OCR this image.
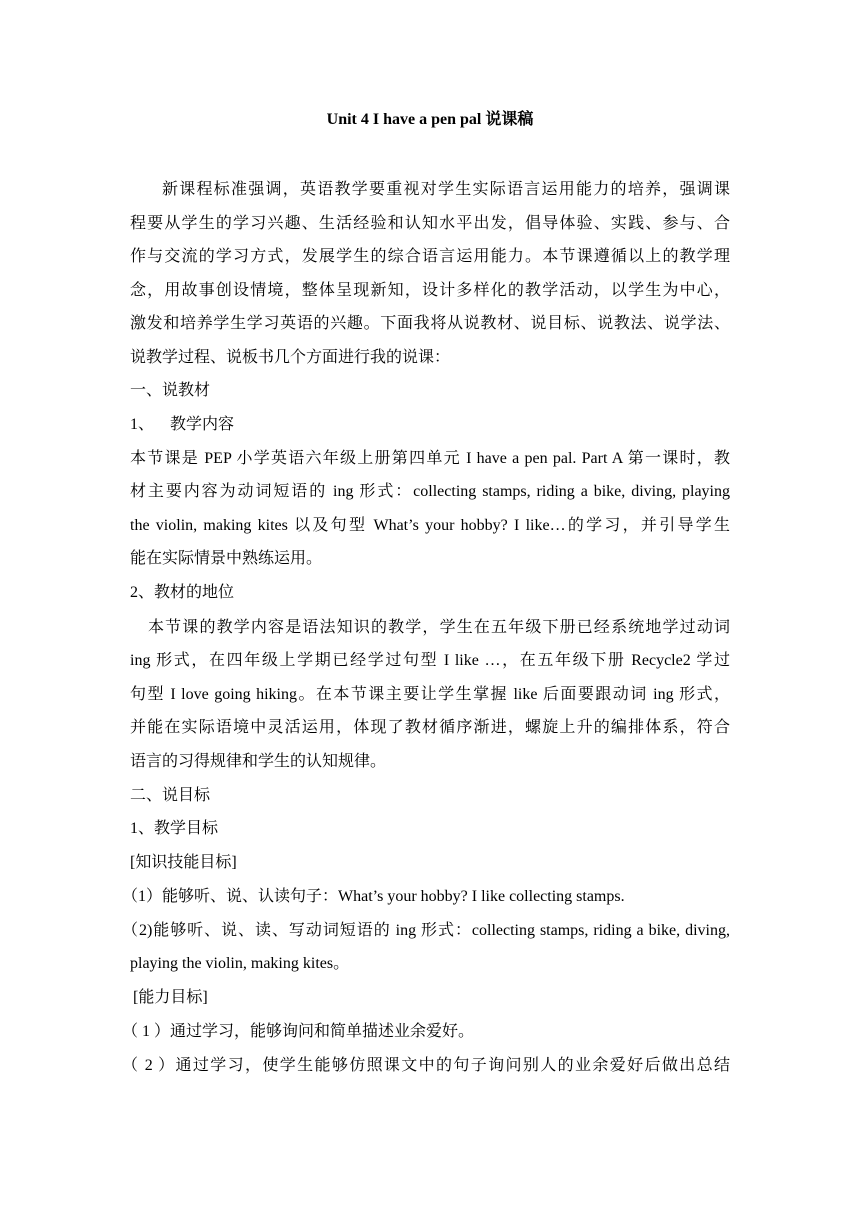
Unit 4 I have a pen pal 说课稿
新课程标准强调，英语教学要重视对学生实际语言运用能力的培养，强调课
程要从学生的学习兴趣、生活经验和认知水平出发，倡导体验、实践、参与、合
作与交流的学习方式，发展学生的综合语言运用能力。本节课遵循以上的教学理
念，用故事创设情境，整体呈现新知，设计多样化的教学活动，以学生为中心，
激发和培养学生学习英语的兴趣。下面我将从说教材、说目标、说教法、说学法、
说教学过程、说板书几个方面进行我的说课：
一、说教材
1、    教学内容
本节课是 PEP 小学英语六年级上册第四单元 I have a pen pal. Part A 第一课时，教
材主要内容为动词短语的 ing 形式：collecting stamps, riding a bike, diving, playing
the violin, making kites 以及句型 What’s your hobby? I like…的学习，并引导学生
能在实际情景中熟练运用。
2、教材的地位
本节课的教学内容是语法知识的教学，学生在五年级下册已经系统地学过动词
ing 形式，在四年级上学期已经学过句型 I like …，在五年级下册 Recycle2 学过
句型 I love going hiking。在本节课主要让学生掌握 like 后面要跟动词 ing 形式，
并能在实际语境中灵活运用，体现了教材循序渐进，螺旋上升的编排体系，符合
语言的习得规律和学生的认知规律。
二、说目标
1、教学目标
[知识技能目标]
（1）能够听、说、认读句子：What’s your hobby? I like collecting stamps.
（2)能够听、说、读、写动词短语的 ing 形式：collecting stamps, riding a bike, diving,
playing the violin, making kites。
[能力目标]
（ 1 ）通过学习，能够询问和简单描述业余爱好。
（ 2 ）通过学习，使学生能够仿照课文中的句子询问别人的业余爱好后做出总结
